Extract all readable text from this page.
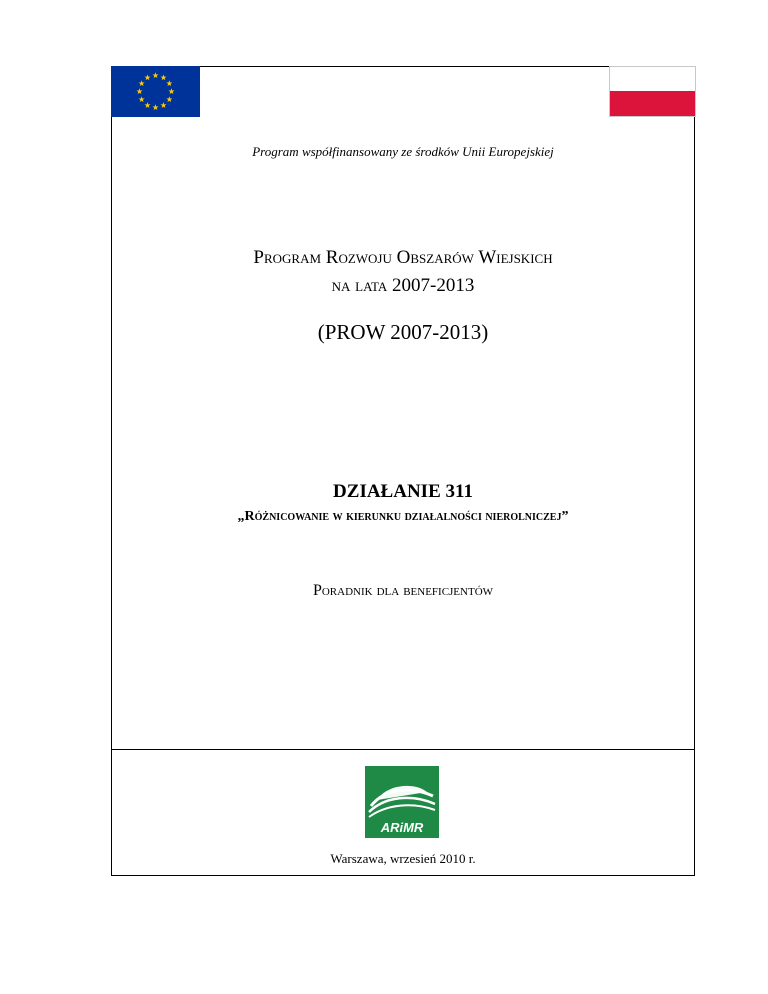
Program współfinansowany ze środków Unii Europejskiej
Program Rozwoju Obszarów Wiejskich
na lata 2007-2013
(PROW 2007-2013)
DZIAŁANIE 311
„Różnicowanie w kierunku działalności nierolniczej”
Poradnik dla beneficjentów
ARiMR
Warszawa, wrzesień 2010 r.
